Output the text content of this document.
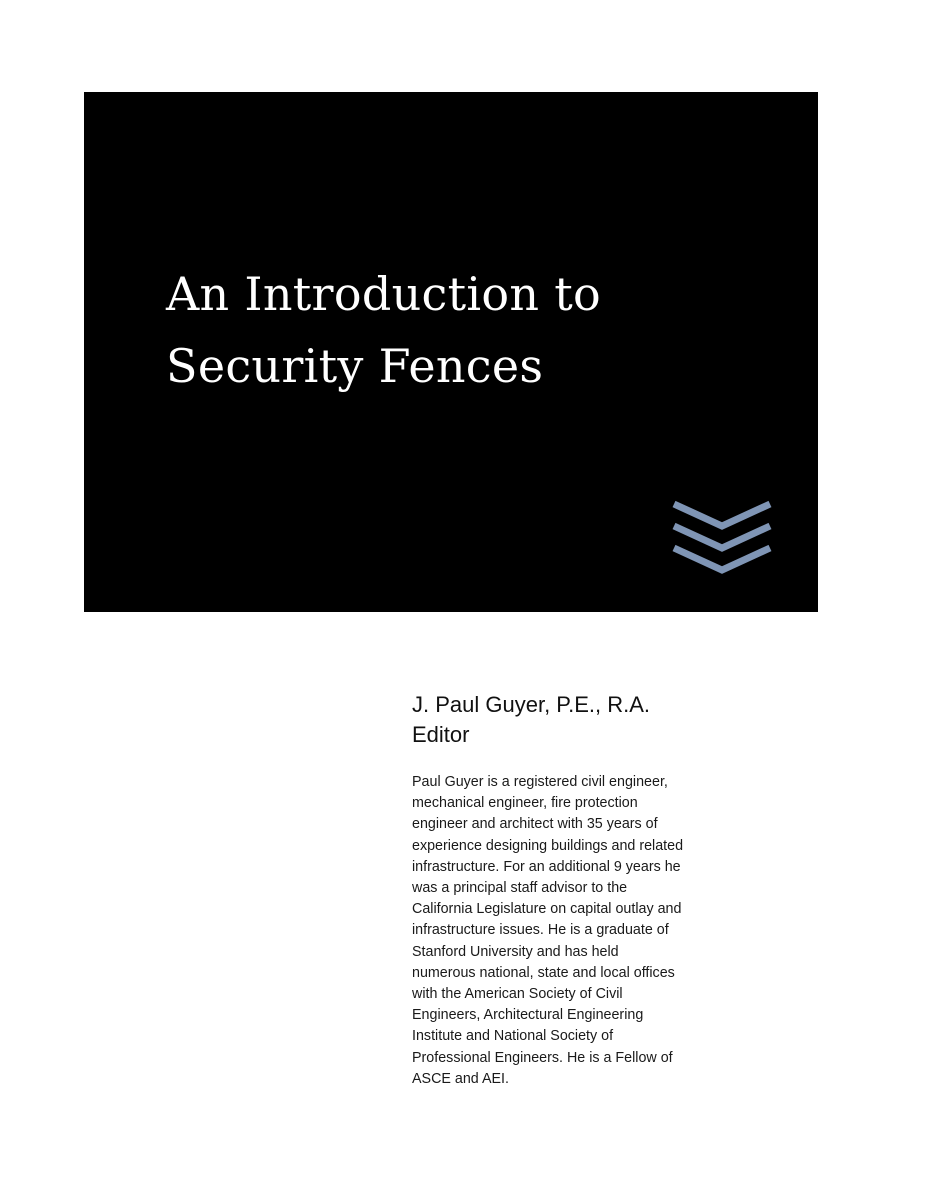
An Introduction to
Security Fences
J. Paul Guyer, P.E., R.A.
Editor
Paul Guyer is a registered civil engineer,
mechanical engineer, fire protection
engineer and architect with 35 years of
experience designing buildings and related
infrastructure. For an additional 9 years he
was a principal staff advisor to the
California Legislature on capital outlay and
infrastructure issues. He is a graduate of
Stanford University and has held
numerous national, state and local offices
with the American Society of Civil
Engineers, Architectural Engineering
Institute and National Society of
Professional Engineers. He is a Fellow of
ASCE and AEI.
